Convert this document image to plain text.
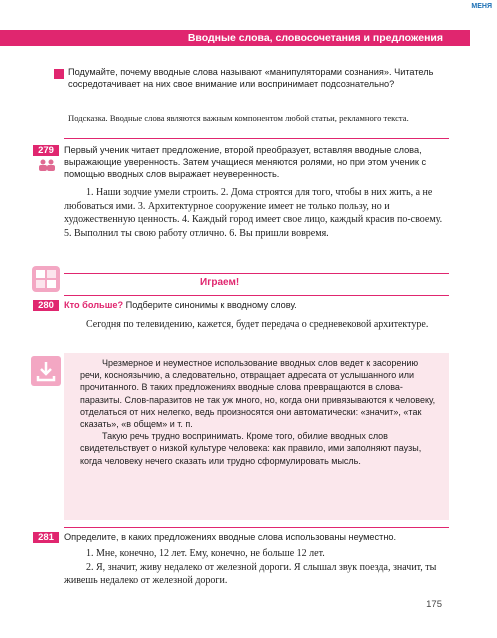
МЕНЯ
Вводные слова, словосочетания и предложения

Подумайте, почему вводные слова называют «манипуляторами сознания». Читатель сосредотачивает на них свое внимание или воспринимает подсознательно?

Подсказка. Вводные слова являются важным компонентом любой статьи, рекламного текста.
279	Первый ученик читает предложение, второй преобразует, вставляя вводные слова, выражающие уверенность. Затем учащиеся меняются ролями, но при этом ученик с помощью вводных слов выражает неуверенность.

1. Наши зодчие умели строить. 2. Дома строятся для того, чтобы в них жить, а не любоваться ими. 3. Архитектурное сооружение имеет не только пользу, но и художественную ценность. 4. Каждый город имеет свое лицо, каждый красив по-своему. 5. Выполнил ты свою работу отлично. 6. Вы пришли вовремя.

Играем!
280	Кто больше? Подберите синонимы к вводному слову.

Сегодня по телевидению, кажется, будет передача о средневековой архитектуре.

Чрезмерное и неуместное использование вводных слов ведет к засорению речи, косноязычию, а следовательно, отвращает адресата от услышанного или прочитанного. В таких предложениях вводные слова превращаются в слова-паразиты. Слов-паразитов не так уж много, но, когда они привязываются к человеку, отделаться от них нелегко, ведь произносятся они автоматически: «значит», «так сказать», «в общем» и т. п.

Такую речь трудно воспринимать. Кроме того, обилие вводных слов свидетельствует о низкой культуре человека: как правило, ими заполняют паузы, когда человеку нечего сказать или трудно сформулировать мысль.

281	Определите, в каких предложениях вводные слова использованы неуместно.

1. Мне, конечно, 12 лет. Ему, конечно, не больше 12 лет.

2. Я, значит, живу недалеко от железной дороги. Я слышал звук поезда, значит, ты живешь недалеко от железной дороги.

175
